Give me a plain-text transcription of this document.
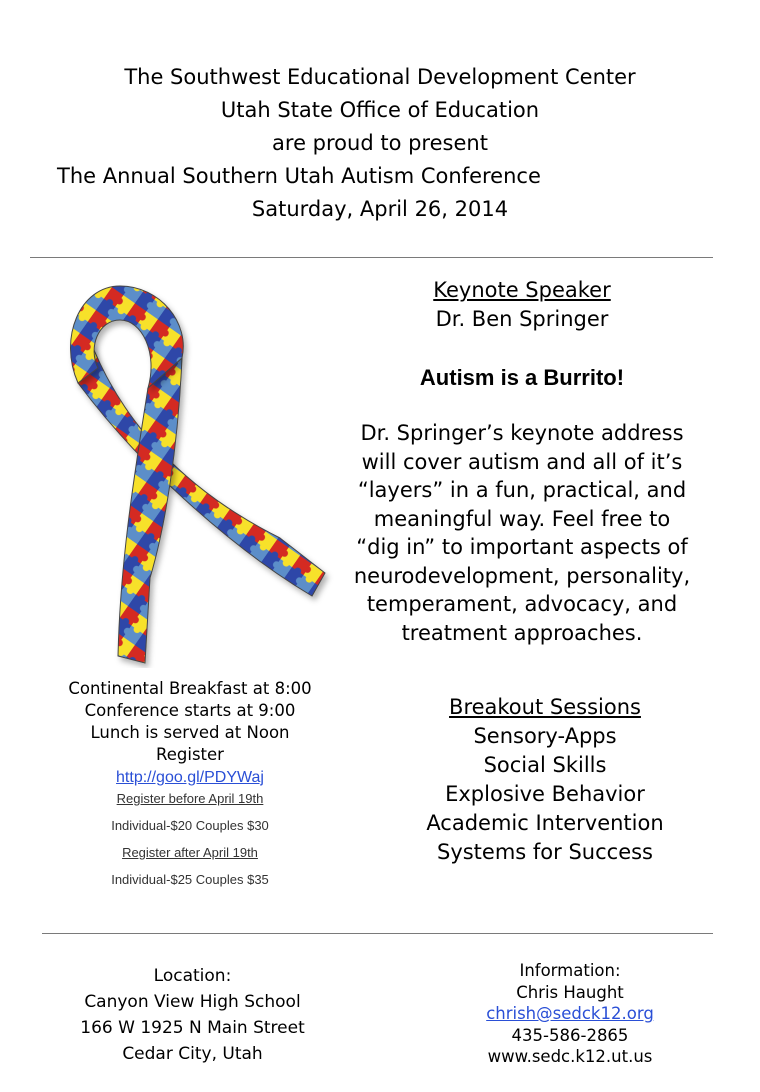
The Southwest Educational Development Center
Utah State Office of Education
are proud to present
The Annual Southern Utah Autism Conference
Saturday, April 26, 2014
Keynote Speaker
Dr. Ben Springer
Autism is a Burrito!
Dr. Springer’s keynote address
will cover autism and all of it’s
“layers” in a fun, practical, and
meaningful way. Feel free to
“dig in” to important aspects of
neurodevelopment, personality,
temperament, advocacy, and
treatment approaches.
Continental Breakfast at 8:00
Conference starts at 9:00
Lunch is served at Noon
Register
http://goo.gl/PDYWaj
Register before April 19th
Individual-$20 Couples $30
Register after April 19th
Individual-$25 Couples $35
Breakout Sessions
Sensory-Apps
Social Skills
Explosive Behavior
Academic Intervention
Systems for Success
Location:
Canyon View High School
166 W 1925 N Main Street
Cedar City, Utah
Information:
Chris Haught
chrish@sedck12.org
435-586-2865
www.sedc.k12.ut.us
